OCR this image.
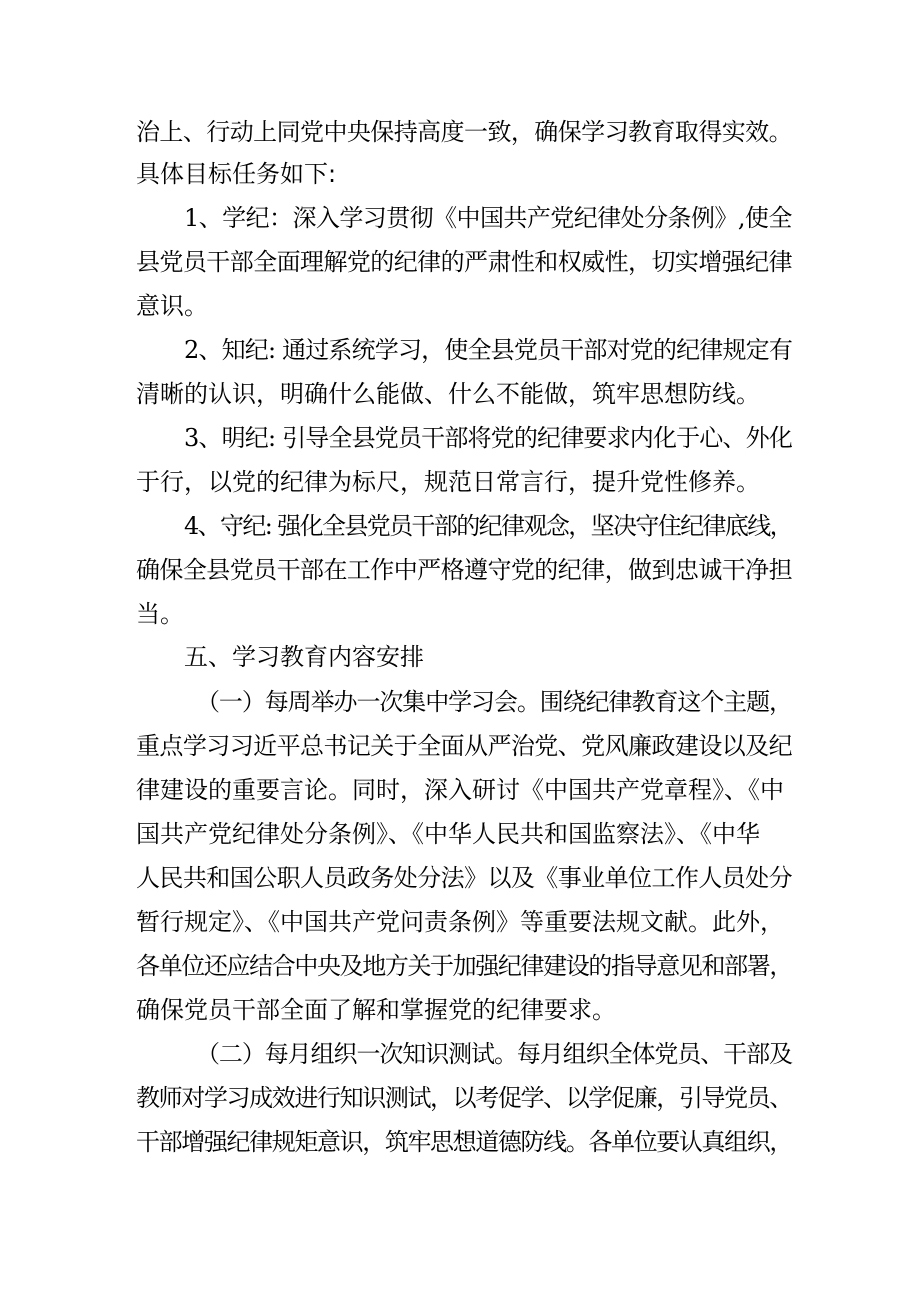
治上、行动上同党中央保持高度一致，确保学习教育取得实效。
具体目标任务如下:
1、学纪：深入学习贯彻《中国共产党纪律处分条例》,使全
县党员干部全面理解党的纪律的严肃性和权威性，切实增强纪律
意识。
2、知纪: 通过系统学习，使全县党员干部对党的纪律规定有
清晰的认识，明确什么能做、什么不能做，筑牢思想防线。
3、明纪: 引导全县党员干部将党的纪律要求内化于心、外化
于行，以党的纪律为标尺，规范日常言行，提升党性修养。
4、守纪: 强化全县党员干部的纪律观念，坚决守住纪律底线，
确保全县党员干部在工作中严格遵守党的纪律，做到忠诚干净担
当。
五、学习教育内容安排
（一）每周举办一次集中学习会。围绕纪律教育这个主题，
重点学习习近平总书记关于全面从严治党、党风廉政建设以及纪
律建设的重要言论。同时，深入研讨《中国共产党章程》、《中
国共产党纪律处分条例》、《中华人民共和国监察法》、《中华
人民共和国公职人员政务处分法》以及《事业单位工作人员处分
暂行规定》、《中国共产党问责条例》等重要法规文献。此外，
各单位还应结合中央及地方关于加强纪律建设的指导意见和部署，
确保党员干部全面了解和掌握党的纪律要求。
（二）每月组织一次知识测试。每月组织全体党员、干部及
教师对学习成效进行知识测试，以考促学、以学促廉，引导党员、
干部增强纪律规矩意识，筑牢思想道德防线。各单位要认真组织，
